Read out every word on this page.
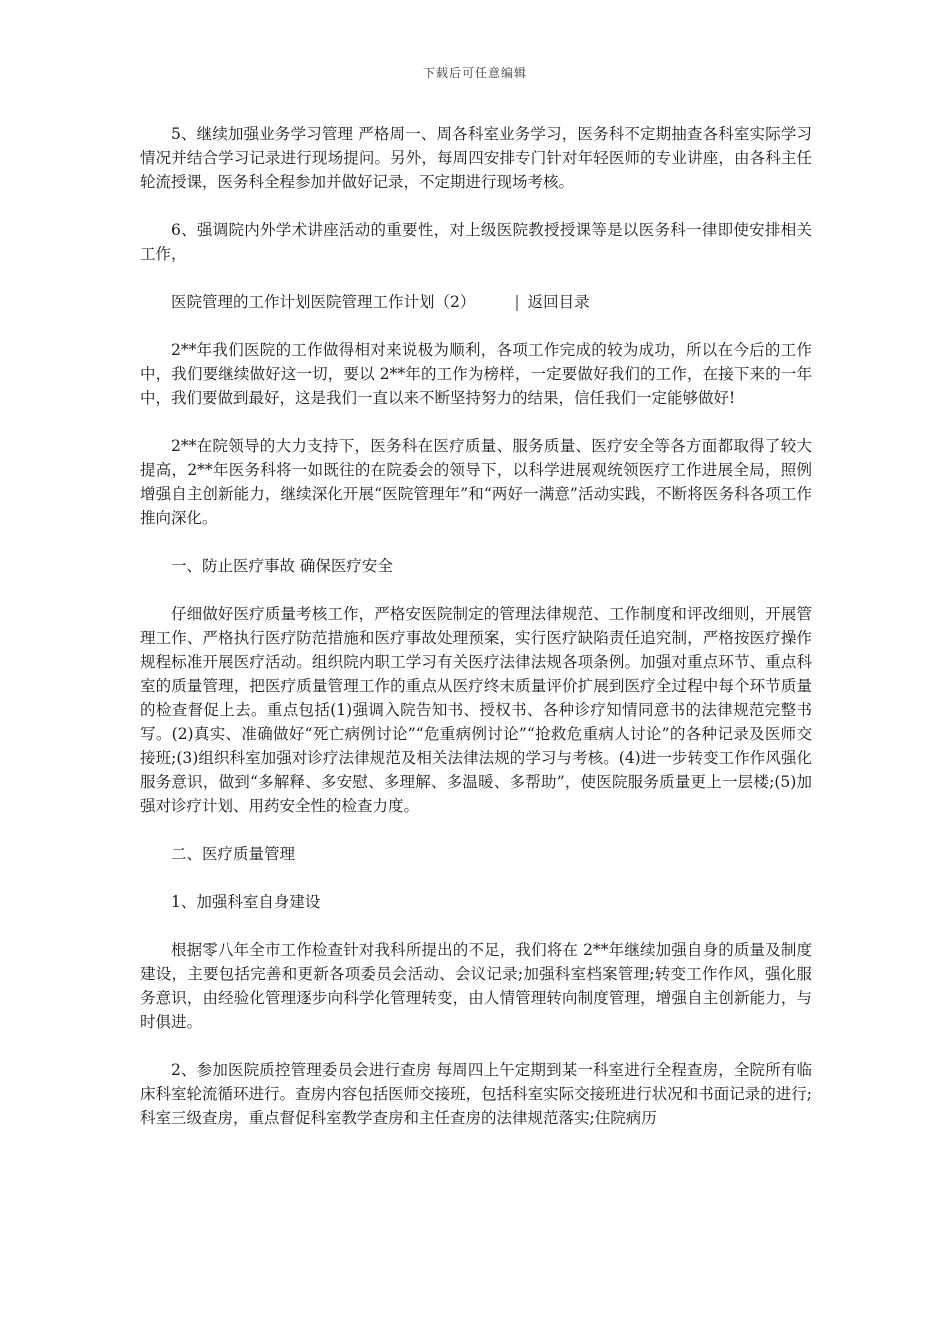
下载后可任意编辑

5、继续加强业务学习管理 严格周一、周各科室业务学习，医务科不定期抽查各科室实际学习情况并结合学习记录进行现场提问。另外，每周四安排专门针对年轻医师的专业讲座，由各科主任轮流授课，医务科全程参加并做好记录，不定期进行现场考核。

6、强调院内外学术讲座活动的重要性，对上级医院教授授课等是以医务科一律即使安排相关工作，

医院管理的工作计划医院管理工作计划（2）	| 返回目录

2**年我们医院的工作做得相对来说极为顺利，各项工作完成的较为成功，所以在今后的工作中，我们要继续做好这一切，要以 2**年的工作为榜样，一定要做好我们的工作，在接下来的一年中，我们要做到最好，这是我们一直以来不断坚持努力的结果，信任我们一定能够做好!

2**在院领导的大力支持下，医务科在医疗质量、服务质量、医疗安全等各方面都取得了较大提高，2**年医务科将一如既往的在院委会的领导下，以科学进展观统领医疗工作进展全局，照例增强自主创新能力，继续深化开展“医院管理年”和“两好一满意”活动实践，不断将医务科各项工作推向深化。

一、防止医疗事故 确保医疗安全

仔细做好医疗质量考核工作，严格安医院制定的管理法律规范、工作制度和评改细则，开展管理工作、严格执行医疗防范措施和医疗事故处理预案，实行医疗缺陷责任追究制，严格按医疗操作规程标准开展医疗活动。组织院内职工学习有关医疗法律法规各项条例。加强对重点环节、重点科室的质量管理，把医疗质量管理工作的重点从医疗终末质量评价扩展到医疗全过程中每个环节质量的检查督促上去。重点包括(1)强调入院告知书、授权书、各种诊疗知情同意书的法律规范完整书写。(2)真实、准确做好“死亡病例讨论”“危重病例讨论”“抢救危重病人讨论”的各种记录及医师交接班;(3)组织科室加强对诊疗法律规范及相关法律法规的学习与考核。(4)进一步转变工作作风强化服务意识，做到“多解释、多安慰、多理解、多温暖、多帮助”，使医院服务质量更上一层楼;(5)加强对诊疗计划、用药安全性的检查力度。

二、医疗质量管理

1、加强科室自身建设

根据零八年全市工作检查针对我科所提出的不足，我们将在 2**年继续加强自身的质量及制度建设，主要包括完善和更新各项委员会活动、会议记录;加强科室档案管理;转变工作作风，强化服务意识，由经验化管理逐步向科学化管理转变，由人情管理转向制度管理，增强自主创新能力，与时俱进。

2、参加医院质控管理委员会进行查房 每周四上午定期到某一科室进行全程查房，全院所有临床科室轮流循环进行。查房内容包括医师交接班，包括科室实际交接班进行状况和书面记录的进行;科室三级查房，重点督促科室教学查房和主任查房的法律规范落实;住院病历
